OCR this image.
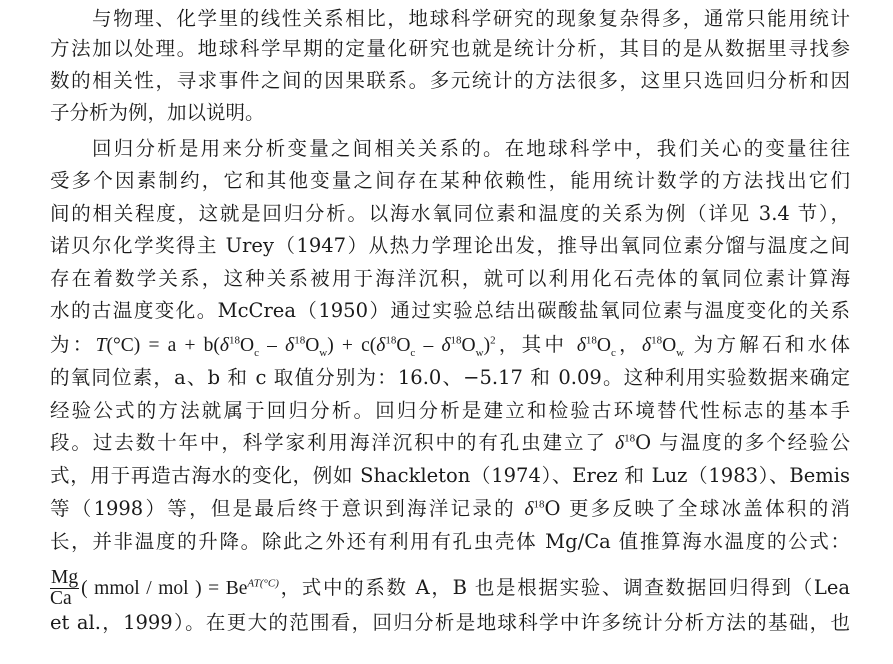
与物理、化学里的线性关系相比，地球科学研究的现象复杂得多，通常只能用统计
方法加以处理。地球科学早期的定量化研究也就是统计分析，其目的是从数据里寻找参
数的相关性，寻求事件之间的因果联系。多元统计的方法很多，这里只选回归分析和因
子分析为例，加以说明。
回归分析是用来分析变量之间相关关系的。在地球科学中，我们关心的变量往往
受多个因素制约，它和其他变量之间存在某种依赖性，能用统计数学的方法找出它们
间的相关程度，这就是回归分析。以海水氧同位素和温度的关系为例（详见 3.4 节），
诺贝尔化学奖得主 Urey（1947）从热力学理论出发，推导出氧同位素分馏与温度之间
存在着数学关系，这种关系被用于海洋沉积，就可以利用化石壳体的氧同位素计算海
水的古温度变化。McCrea（1950）通过实验总结出碳酸盐氧同位素与温度变化的关系
为：$T(^\circ C) = a + b(\delta^{18}O_c - \delta^{18}O_w) + c(\delta^{18}O_c - \delta^{18}O_w)^2$，其中 $\delta^{18}O_c$，$\delta^{18}O_w$ 为方解石和水体
的氧同位素，a、b 和 c 取值分别为：16.0、−5.17 和 0.09。这种利用实验数据来确定
经验公式的方法就属于回归分析。回归分析是建立和检验古环境替代性标志的基本手
段。过去数十年中，科学家利用海洋沉积中的有孔虫建立了 $\delta^{18}O$ 与温度的多个经验公
式，用于再造古海水的变化，例如 Shackleton（1974）、Erez 和 Luz（1983）、Bemis
等（1998）等，但是最后终于意识到海洋记录的 $\delta^{18}O$ 更多反映了全球冰盖体积的消
长，并非温度的升降。除此之外还有利用有孔虫壳体 Mg/Ca 值推算海水温度的公式：
$\frac{Mg}{Ca}$ ( mmol / mol ) = $Be^{AT(^\circ C)}$，式中的系数 A，B 也是根据实验、调查数据回归得到（Lea
et al.，1999）。在更大的范围看，回归分析是地球科学中许多统计分析方法的基础，也
